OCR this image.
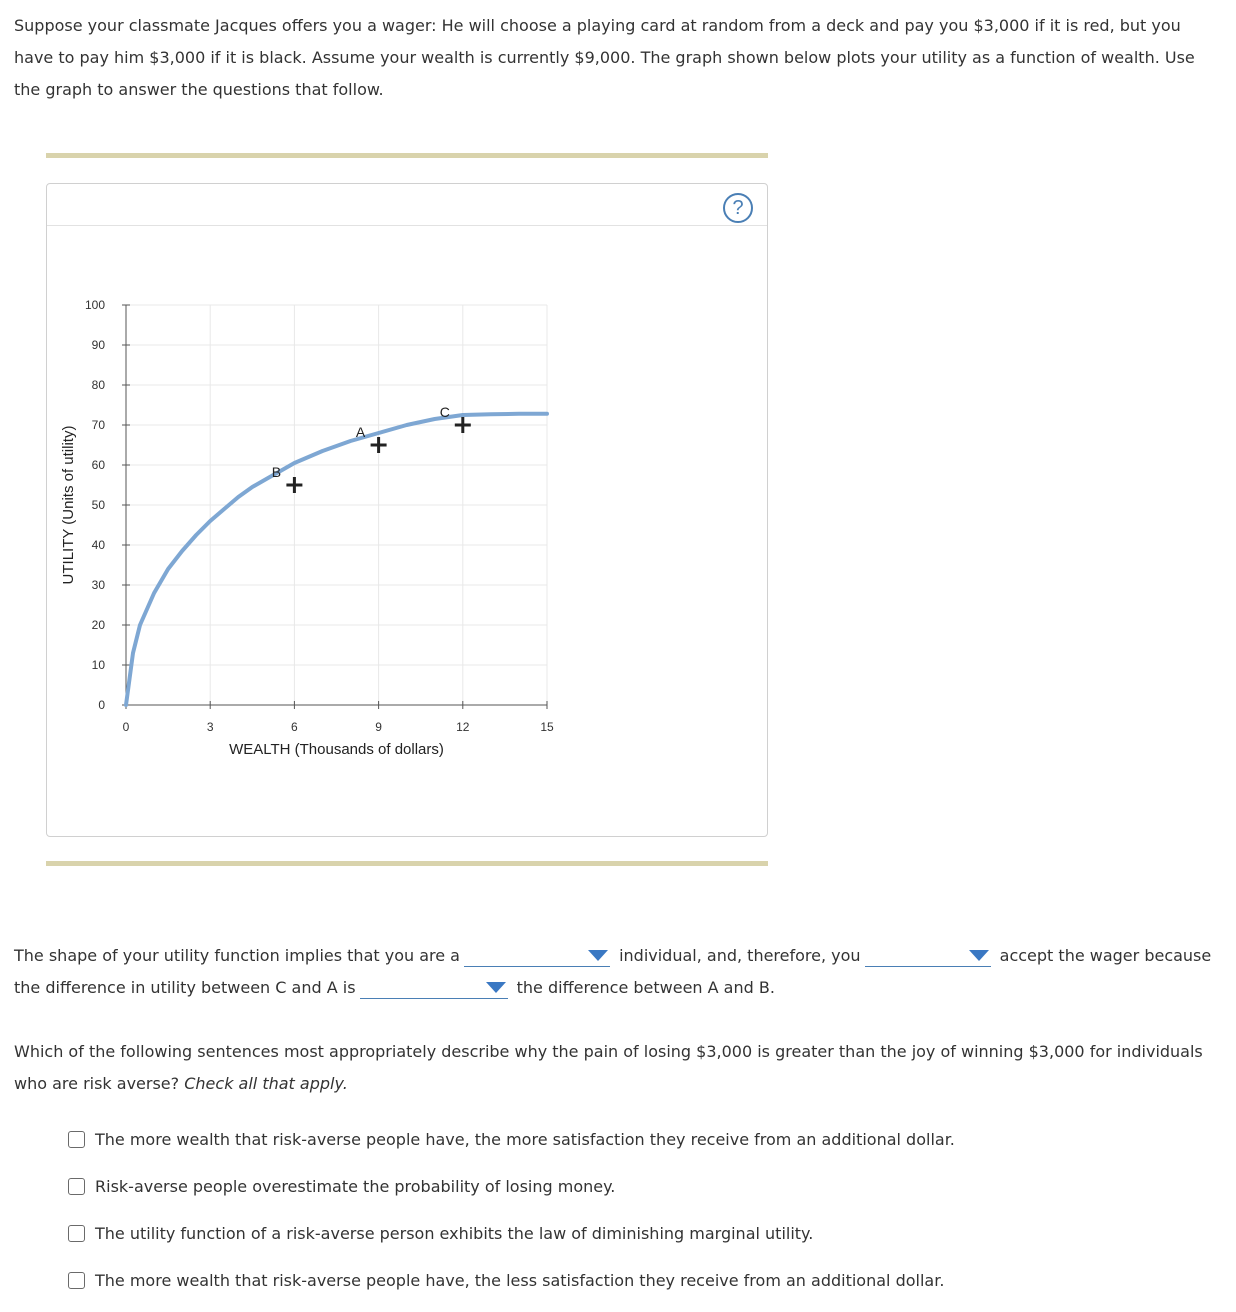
Suppose your classmate Jacques offers you a wager: He will choose a playing card at random from a deck and pay you $3,000 if it is red, but you have to pay him $3,000 if it is black. Assume your wealth is currently $9,000. The graph shown below plots your utility as a function of wealth. Use the graph to answer the questions that follow.

?
0
10
20
30
40
50
60
70
80
90
100
0	3	6	9	12	15
WEALTH (Thousands of dollars)
UTILITY (Units of utility)	A
B
C

The shape of your utility function implies that you are a	individual, and, therefore, you	accept the wager because the difference in utility between C and A is	the difference between A and B.

Which of the following sentences most appropriately describe why the pain of losing $3,000 is greater than the joy of winning $3,000 for individuals who are risk averse? Check all that apply.

The more wealth that risk-averse people have, the more satisfaction they receive from an additional dollar.
Risk-averse people overestimate the probability of losing money.
The utility function of a risk-averse person exhibits the law of diminishing marginal utility.
The more wealth that risk-averse people have, the less satisfaction they receive from an additional dollar.
